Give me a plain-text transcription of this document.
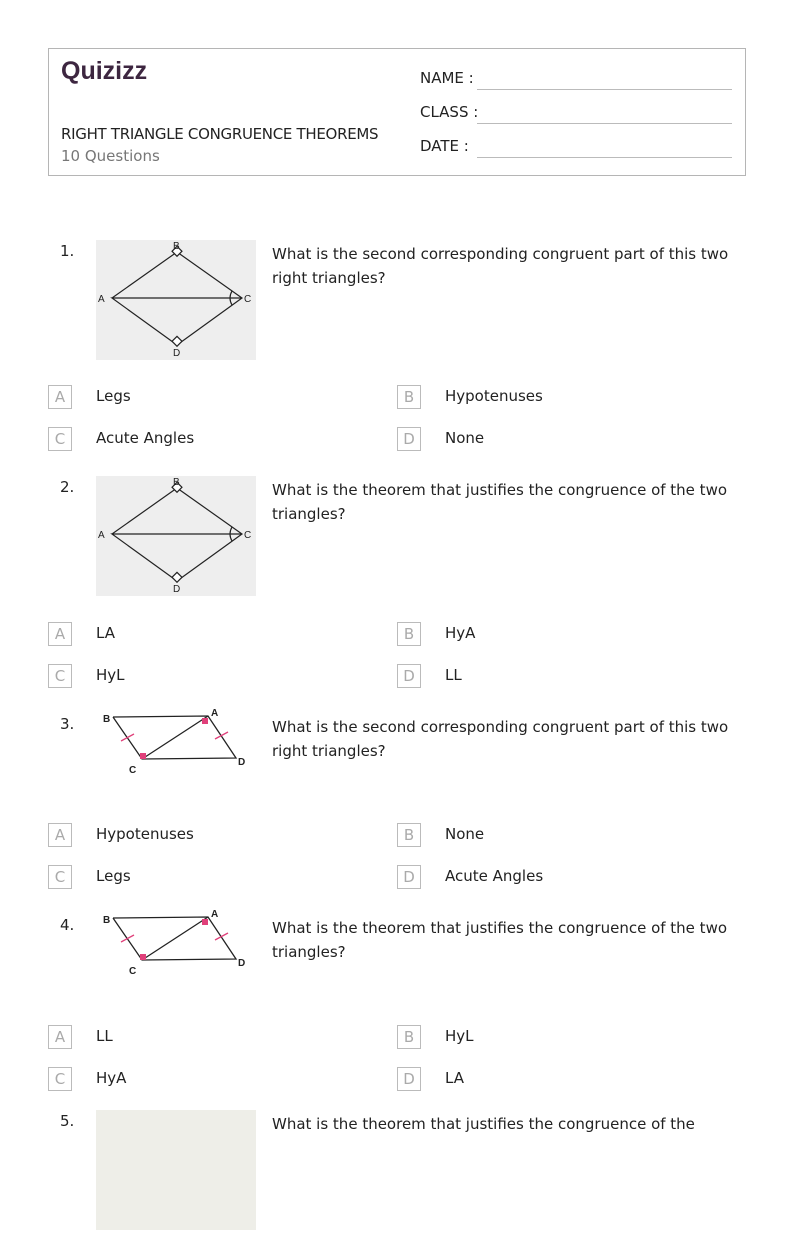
Quizizz
RIGHT TRIANGLE CONGRUENCE THEOREMS
10 Questions
NAME :
CLASS :
DATE :
1.
A
B
C
D
What is the second corresponding congruent part of this two right triangles?
A	Legs	B	Hypotenuses
C	Acute Angles	D	None
2.
A
B
C
D
What is the theorem that justifies the congruence of the two triangles?
A	LA	B	HyA
C	HyL	D	LL
3.	B
A
C
D
What is the second corresponding congruent part of this two right triangles?
A	Hypotenuses	B	None
C	Legs	D	Acute Angles
4.	B
A
C
D
What is the theorem that justifies the congruence of the two triangles?
A	LL	B	HyL
C	HyA	D	LA
5.	What is the theorem that justifies the congruence of the
